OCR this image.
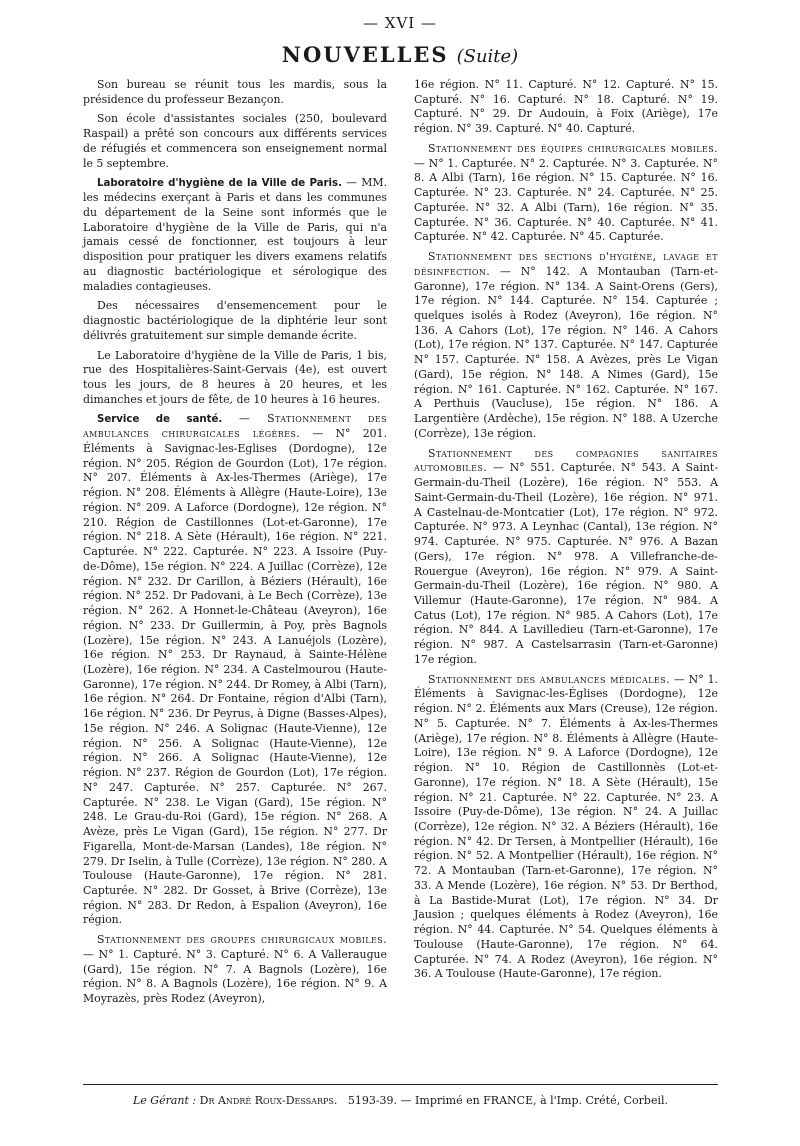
— XVI —
NOUVELLES (Suite)

Son bureau se réunit tous les mardis, sous la présidence du professeur Bezançon.

Son école d'assistantes sociales (250, boulevard Raspail) a prêté son concours aux différents services de réfugiés et commencera son enseignement normal le 5 septembre.

Laboratoire d'hygiène de la Ville de Paris. — MM. les médecins exerçant à Paris et dans les communes du département de la Seine sont informés que le Laboratoire d'hygiène de la Ville de Paris, qui n'a jamais cessé de fonctionner, est toujours à leur disposition pour pratiquer les divers examens relatifs au diagnostic bactériologique et sérologique des maladies contagieuses.

Des nécessaires d'ensemencement pour le diagnostic bactériologique de la diphtérie leur sont délivrés gratuitement sur simple demande écrite.

Le Laboratoire d'hygiène de la Ville de Paris, 1 bis, rue des Hospitalières-Saint-Gervais (4e), est ouvert tous les jours, de 8 heures à 20 heures, et les dimanches et jours de fête, de 10 heures à 16 heures.

Service de santé. — Stationnement des ambulances chirurgicales légères. — N° 201. Éléments à Savignac-les-Eglises (Dordogne), 12e région. N° 205. Région de Gourdon (Lot), 17e région. N° 207. Éléments à Ax-les-Thermes (Ariège), 17e région. N° 208. Éléments à Allègre (Haute-Loire), 13e région. N° 209. A Laforce (Dordogne), 12e région. N° 210. Région de Castillonnes (Lot-et-Garonne), 17e région. N° 218. A Sète (Hérault), 16e région. N° 221. Capturée. N° 222. Capturée. N° 223. A Issoire (Puy-de-Dôme), 15e région. N° 224. A Juillac (Corrèze), 12e région. N° 232. Dr Carillon, à Béziers (Hérault), 16e région. N° 252. Dr Padovani, à Le Bech (Corrèze), 13e région. N° 262. A Honnet-le-Château (Aveyron), 16e région. N° 233. Dr Guillermin, à Poy, près Bagnols (Lozère), 15e région. N° 243. A Lanuéjols (Lozère), 16e région. N° 253. Dr Raynaud, à Sainte-Hélène (Lozère), 16e région. N° 234. A Castelmourou (Haute-Garonne), 17e région. N° 244. Dr Romey, à Albi (Tarn), 16e région. N° 264. Dr Fontaine, région d'Albi (Tarn), 16e région. N° 236. Dr Peyrus, à Digne (Basses-Alpes), 15e région. N° 246. A Solignac (Haute-Vienne), 12e région. N° 256. A Solignac (Haute-Vienne), 12e région. N° 266. A Solignac (Haute-Vienne), 12e région. N° 237. Région de Gourdon (Lot), 17e région. N° 247. Capturée. N° 257. Capturée. N° 267. Capturée. N° 238. Le Vigan (Gard), 15e région. N° 248. Le Grau-du-Roi (Gard), 15e région. N° 268. A Avèze, près Le Vigan (Gard), 15e région. N° 277. Dr Figarella, Mont-de-Marsan (Landes), 18e région. N° 279. Dr Iselin, à Tulle (Corrèze), 13e région. N° 280. A Toulouse (Haute-Garonne), 17e région. N° 281. Capturée. N° 282. Dr Gosset, à Brive (Corrèze), 13e région. N° 283. Dr Redon, à Espalion (Aveyron), 16e région.

Stationnement des groupes chirurgicaux mobiles. — N° 1. Capturé. N° 3. Capturé. N° 6. A Valleraugue (Gard), 15e région. N° 7. A Bagnols (Lozère), 16e région. N° 8. A Bagnols (Lozère), 16e région. N° 9. A Moyrazès, près Rodez (Aveyron),

16e région. N° 11. Capturé. N° 12. Capturé. N° 15. Capturé. N° 16. Capturé. N° 18. Capturé. N° 19. Capturé. N° 29. Dr Audouin, à Foix (Ariège), 17e région. N° 39. Capturé. N° 40. Capturé.

Stationnement des équipes chirurgicales mobiles. — N° 1. Capturée. N° 2. Capturée. N° 3. Capturée. N° 8. A Albi (Tarn), 16e région. N° 15. Capturée. N° 16. Capturée. N° 23. Capturée. N° 24. Capturée. N° 25. Capturée. N° 32. A Albi (Tarn), 16e région. N° 35. Capturée. N° 36. Capturée. N° 40. Capturée. N° 41. Capturée. N° 42. Capturée. N° 45. Capturée.

Stationnement des sections d'hygiène, lavage et désinfection. — N° 142. A Montauban (Tarn-et-Garonne), 17e région. N° 134. A Saint-Orens (Gers), 17e région. N° 144. Capturée. N° 154. Capturée ; quelques isolés à Rodez (Aveyron), 16e région. N° 136. A Cahors (Lot), 17e région. N° 146. A Cahors (Lot), 17e région. N° 137. Capturée. N° 147. Capturée N° 157. Capturée. N° 158. A Avèzes, près Le Vigan (Gard), 15e région. N° 148. A Nimes (Gard), 15e région. N° 161. Capturée. N° 162. Capturée. N° 167. A Perthuis (Vaucluse), 15e région. N° 186. A Largentière (Ardèche), 15e région. N° 188. A Uzerche (Corrèze), 13e région.

Stationnement des compagnies sanitaires automobiles. — N° 551. Capturée. N° 543. A Saint-Germain-du-Theil (Lozère), 16e région. N° 553. A Saint-Germain-du-Theil (Lozère), 16e région. N° 971. A Castelnau-de-Montcatier (Lot), 17e région. N° 972. Capturée. N° 973. A Leynhac (Cantal), 13e région. N° 974. Capturée. N° 975. Capturée. N° 976. A Bazan (Gers), 17e région. N° 978. A Villefranche-de-Rouergue (Aveyron), 16e région. N° 979. A Saint-Germain-du-Theil (Lozère), 16e région. N° 980. A Villemur (Haute-Garonne), 17e région. N° 984. A Catus (Lot), 17e région. N° 985. A Cahors (Lot), 17e région. N° 844. A Lavilledieu (Tarn-et-Garonne), 17e région. N° 987. A Castelsarrasin (Tarn-et-Garonne) 17e région.

Stationnement des ambulances médicales. — N° 1. Éléments à Savignac-les-Églises (Dordogne), 12e région. N° 2. Éléments aux Mars (Creuse), 12e région. N° 5. Capturée. N° 7. Éléments à Ax-les-Thermes (Ariège), 17e région. N° 8. Éléments à Allègre (Haute-Loire), 13e région. N° 9. A Laforce (Dordogne), 12e région. N° 10. Région de Castillonnès (Lot-et-Garonne), 17e région. N° 18. A Sète (Hérault), 15e région. N° 21. Capturée. N° 22. Capturée. N° 23. A Issoire (Puy-de-Dôme), 13e région. N° 24. A Juillac (Corrèze), 12e région. N° 32. A Béziers (Hérault), 16e région. N° 42. Dr Tersen, à Montpellier (Hérault), 16e région. N° 52. A Montpellier (Hérault), 16e région. N° 72. A Montauban (Tarn-et-Garonne), 17e région. N° 33. A Mende (Lozère), 16e région. N° 53. Dr Berthod, à La Bastide-Murat (Lot), 17e région. N° 34. Dr Jausion ; quelques éléments à Rodez (Aveyron), 16e région. N° 44. Capturée. N° 54. Quelques éléments à Toulouse (Haute-Garonne), 17e région. N° 64. Capturée. N° 74. A Rodez (Aveyron), 16e région. N° 36. A Toulouse (Haute-Garonne), 17e région.

Le Gérant : Dr André Roux-Dessarps. 5193-39. — Imprimé en FRANCE, à l'Imp. Crété, Corbeil.
